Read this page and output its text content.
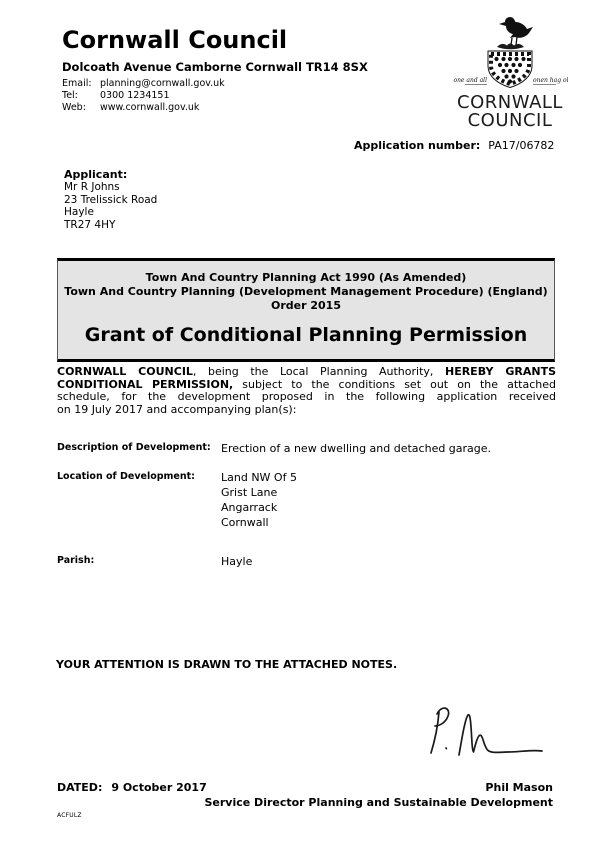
Cornwall Council
Dolcoath Avenue Camborne Cornwall TR14 8SX
Email: planning@cornwall.gov.uk
Tel:	0300 1234151
Web:	www.cornwall.gov.uk
one and all	onen hag oll
CORNWALL
COUNCIL
Application number: PA17/06782
Applicant:
Mr R Johns
23 Trelissick Road
Hayle
TR27 4HY
Town And Country Planning Act 1990 (As Amended)
Town And Country Planning (Development Management Procedure) (England)
Order 2015
Grant of Conditional Planning Permission
CORNWALL COUNCIL, being the Local Planning Authority, HEREBY GRANTS
CONDITIONAL PERMISSION, subject to the conditions set out on the attached
schedule, for the development proposed in the following application received
on 19 July 2017 and accompanying plan(s):
Description of Development: Erection of a new dwelling and detached garage.
Location of Development:	Land NW Of 5
Grist Lane
Angarrack
Cornwall
Parish:	Hayle
YOUR ATTENTION IS DRAWN TO THE ATTACHED NOTES.
DATED: 9 October 2017	Phil Mason
Service Director Planning and Sustainable Development
ACFULZ
